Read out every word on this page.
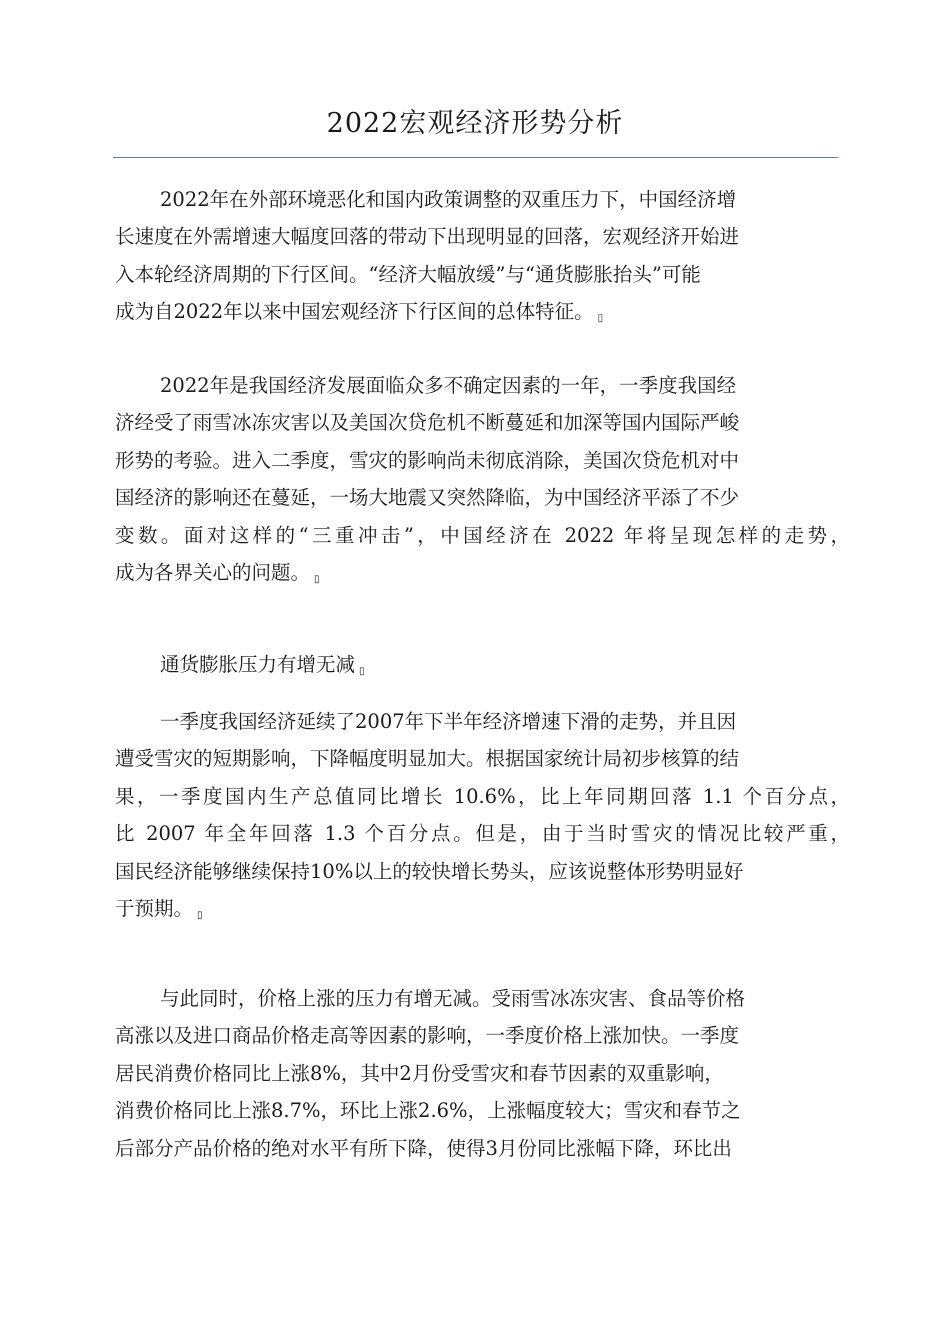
2022宏观经济形势分析
2022年在外部环境恶化和国内政策调整的双重压力下，中国经济增
长速度在外需增速大幅度回落的带动下出现明显的回落，宏观经济开始进
入本轮经济周期的下行区间。“经济大幅放缓”与“通货膨胀抬头”可能
成为自2022年以来中国宏观经济下行区间的总体特征。 ▯
2022年是我国经济发展面临众多不确定因素的一年，一季度我国经
济经受了雨雪冰冻灾害以及美国次贷危机不断蔓延和加深等国内国际严峻
形势的考验。进入二季度，雪灾的影响尚未彻底消除，美国次贷危机对中
国经济的影响还在蔓延，一场大地震又突然降临，为中国经济平添了不少
变数。面对这样的“三重冲击”，中国经济在 2022 年将呈现怎样的走势，
成为各界关心的问题。 ▯
通货膨胀压力有增无减 ▯
一季度我国经济延续了2007年下半年经济增速下滑的走势，并且因
遭受雪灾的短期影响，下降幅度明显加大。根据国家统计局初步核算的结
果，一季度国内生产总值同比增长 10.6%，比上年同期回落 1.1 个百分点，
比 2007 年全年回落 1.3 个百分点。但是，由于当时雪灾的情况比较严重，
国民经济能够继续保持10%以上的较快增长势头，应该说整体形势明显好
于预期。 ▯
与此同时，价格上涨的压力有增无减。受雨雪冰冻灾害、食品等价格
高涨以及进口商品价格走高等因素的影响，一季度价格上涨加快。一季度
居民消费价格同比上涨8%，其中2月份受雪灾和春节因素的双重影响，
消费价格同比上涨8.7%，环比上涨2.6%，上涨幅度较大；雪灾和春节之
后部分产品价格的绝对水平有所下降，使得3月份同比涨幅下降，环比出
